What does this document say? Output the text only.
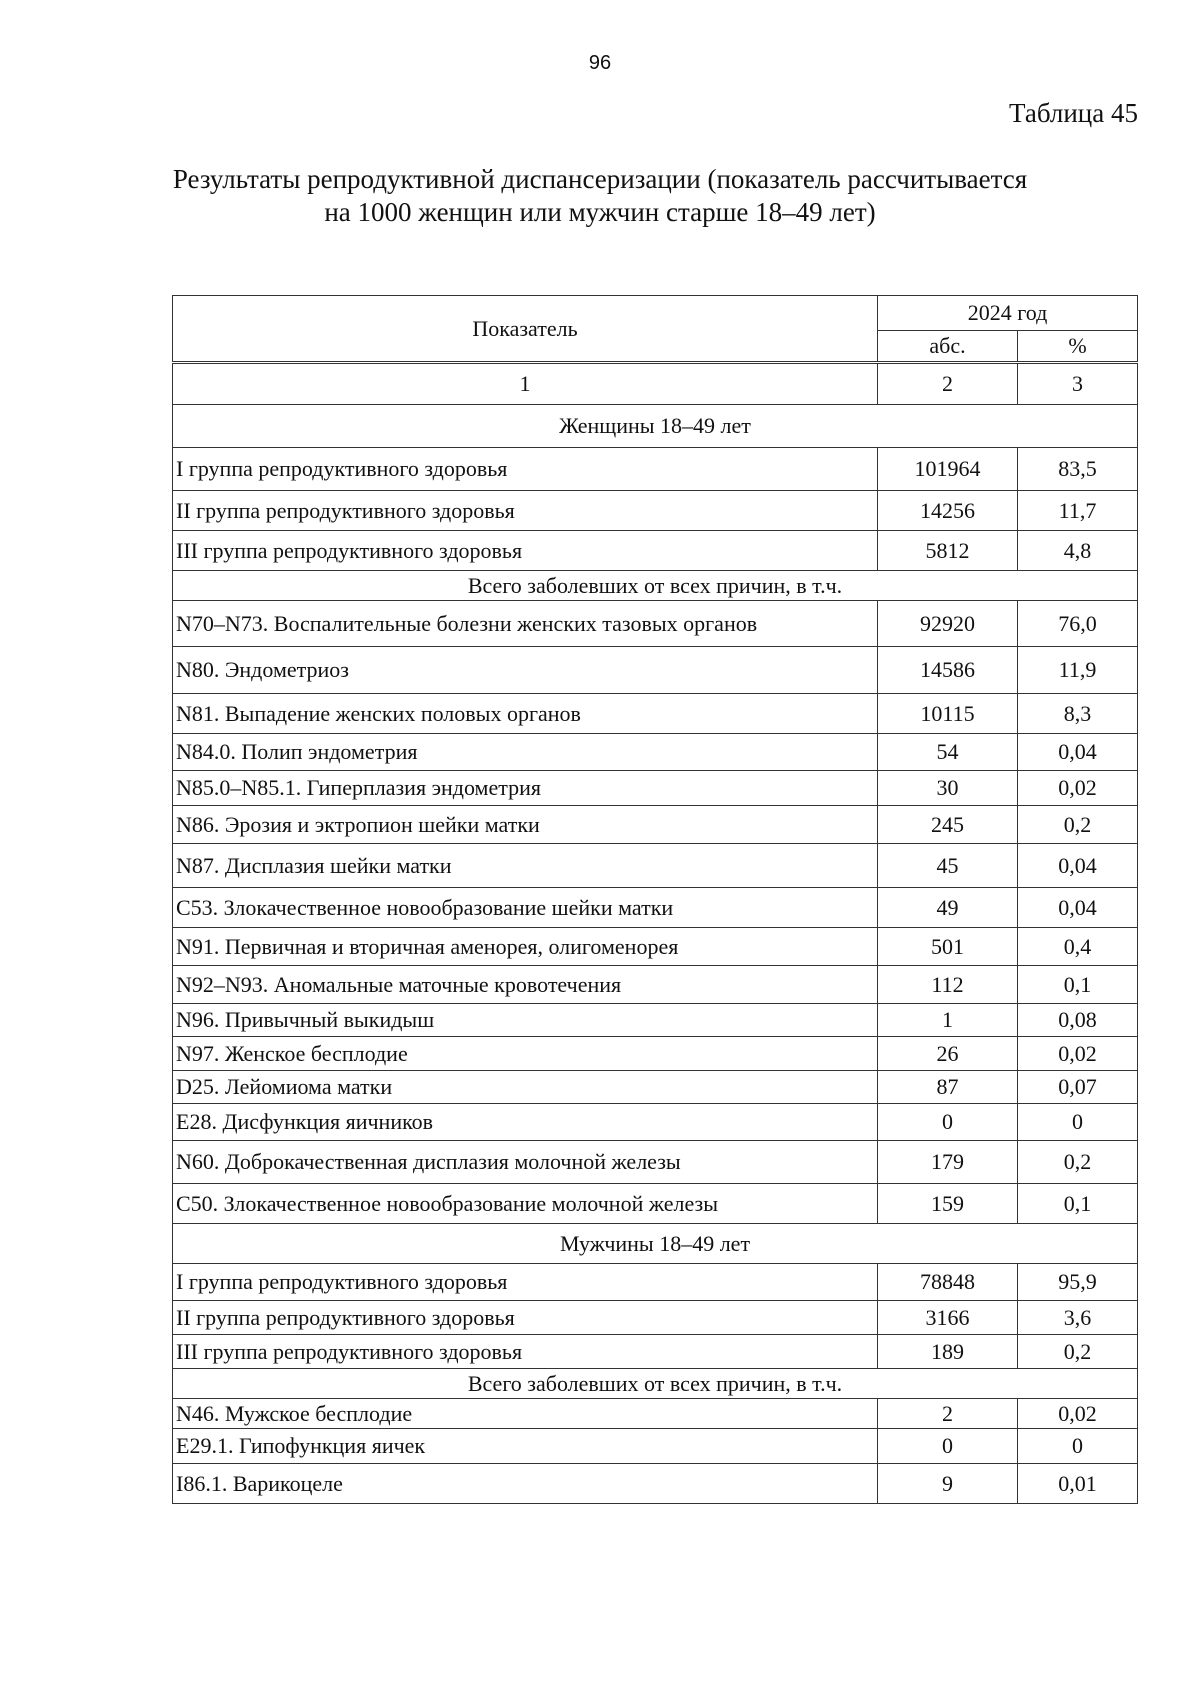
96
Таблица 45
Результаты репродуктивной диспансеризации (показатель рассчитывается
на 1000 женщин или мужчин старше 18–49 лет)
Показатель	2024 год	
	абс.	%
1	2	3
Женщины 18–49 лет		
I группа репродуктивного здоровья	101964	83,5
II группа репродуктивного здоровья	14256	11,7
III группа репродуктивного здоровья	5812	4,8
Всего заболевших от всех причин, в т.ч.		
N70–N73. Воспалительные болезни женских тазовых органов	92920	76,0
N80. Эндометриоз	14586	11,9
N81. Выпадение женских половых органов	10115	8,3
N84.0. Полип эндометрия	54	0,04
N85.0–N85.1. Гиперплазия эндометрия	30	0,02
N86. Эрозия и эктропион шейки матки	245	0,2
N87. Дисплазия шейки матки	45	0,04
C53. Злокачественное новообразование шейки матки	49	0,04
N91. Первичная и вторичная аменорея, олигоменорея	501	0,4
N92–N93. Аномальные маточные кровотечения	112	0,1
N96. Привычный выкидыш	1	0,08
N97. Женское бесплодие	26	0,02
D25. Лейомиома матки	87	0,07
E28. Дисфункция яичников	0	0
N60. Доброкачественная дисплазия молочной железы	179	0,2
C50. Злокачественное новообразование молочной железы	159	0,1
Мужчины 18–49 лет		
I группа репродуктивного здоровья	78848	95,9
II группа репродуктивного здоровья	3166	3,6
III группа репродуктивного здоровья	189	0,2
Всего заболевших от всех причин, в т.ч.		
N46. Мужское бесплодие	2	0,02
E29.1. Гипофункция яичек	0	0
I86.1. Варикоцеле	9	0,01
